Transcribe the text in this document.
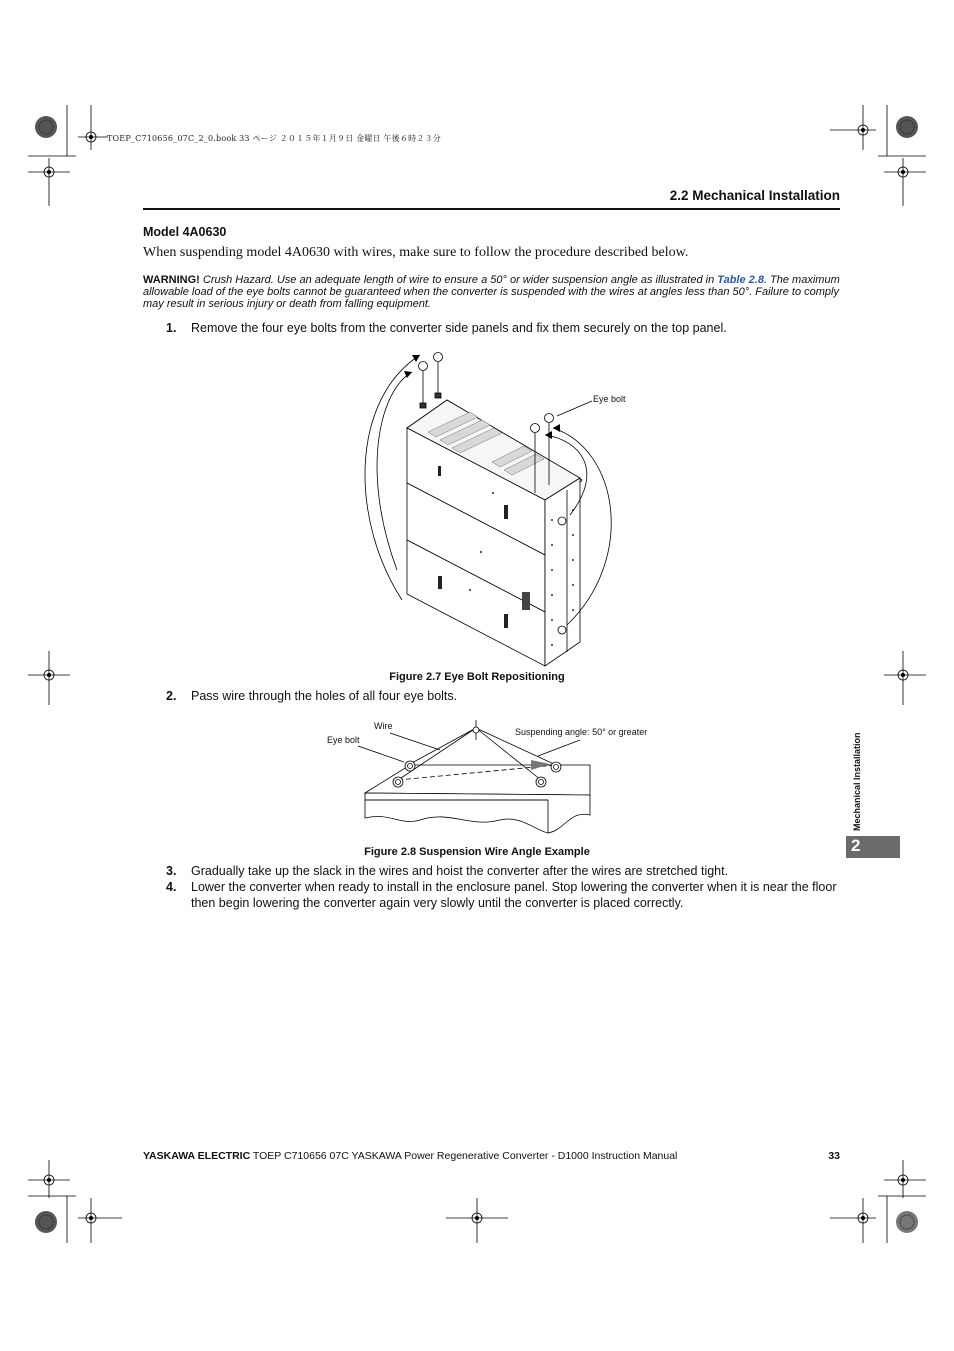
TOEP_C710656_07C_2_0.book 33 ページ ２０１５年１月９日 金曜日 午後６時２３分
2.2 Mechanical Installation
Model 4A0630
When suspending model 4A0630 with wires, make sure to follow the procedure described below.
WARNING! Crush Hazard. Use an adequate length of wire to ensure a 50° or wider suspension angle as illustrated in Table 2.8. The maximum allowable load of the eye bolts cannot be guaranteed when the converter is suspended with the wires at angles less than 50°. Failure to comply may result in serious injury or death from falling equipment.
1. Remove the four eye bolts from the converter side panels and fix them securely on the top panel.
Eye bolt
Figure 2.7 Eye Bolt Repositioning
2. Pass wire through the holes of all four eye bolts.
Wire
Eye bolt
Suspending angle: 50° or greater
Figure 2.8 Suspension Wire Angle Example
3. Gradually take up the slack in the wires and hoist the converter after the wires are stretched tight.
4. Lower the converter when ready to install in the enclosure panel. Stop lowering the converter when it is near the floor then begin lowering the converter again very slowly until the converter is placed correctly.
Mechanical Installation
2
YASKAWA ELECTRIC TOEP C710656 07C YASKAWA Power Regenerative Converter - D1000 Instruction Manual	33
